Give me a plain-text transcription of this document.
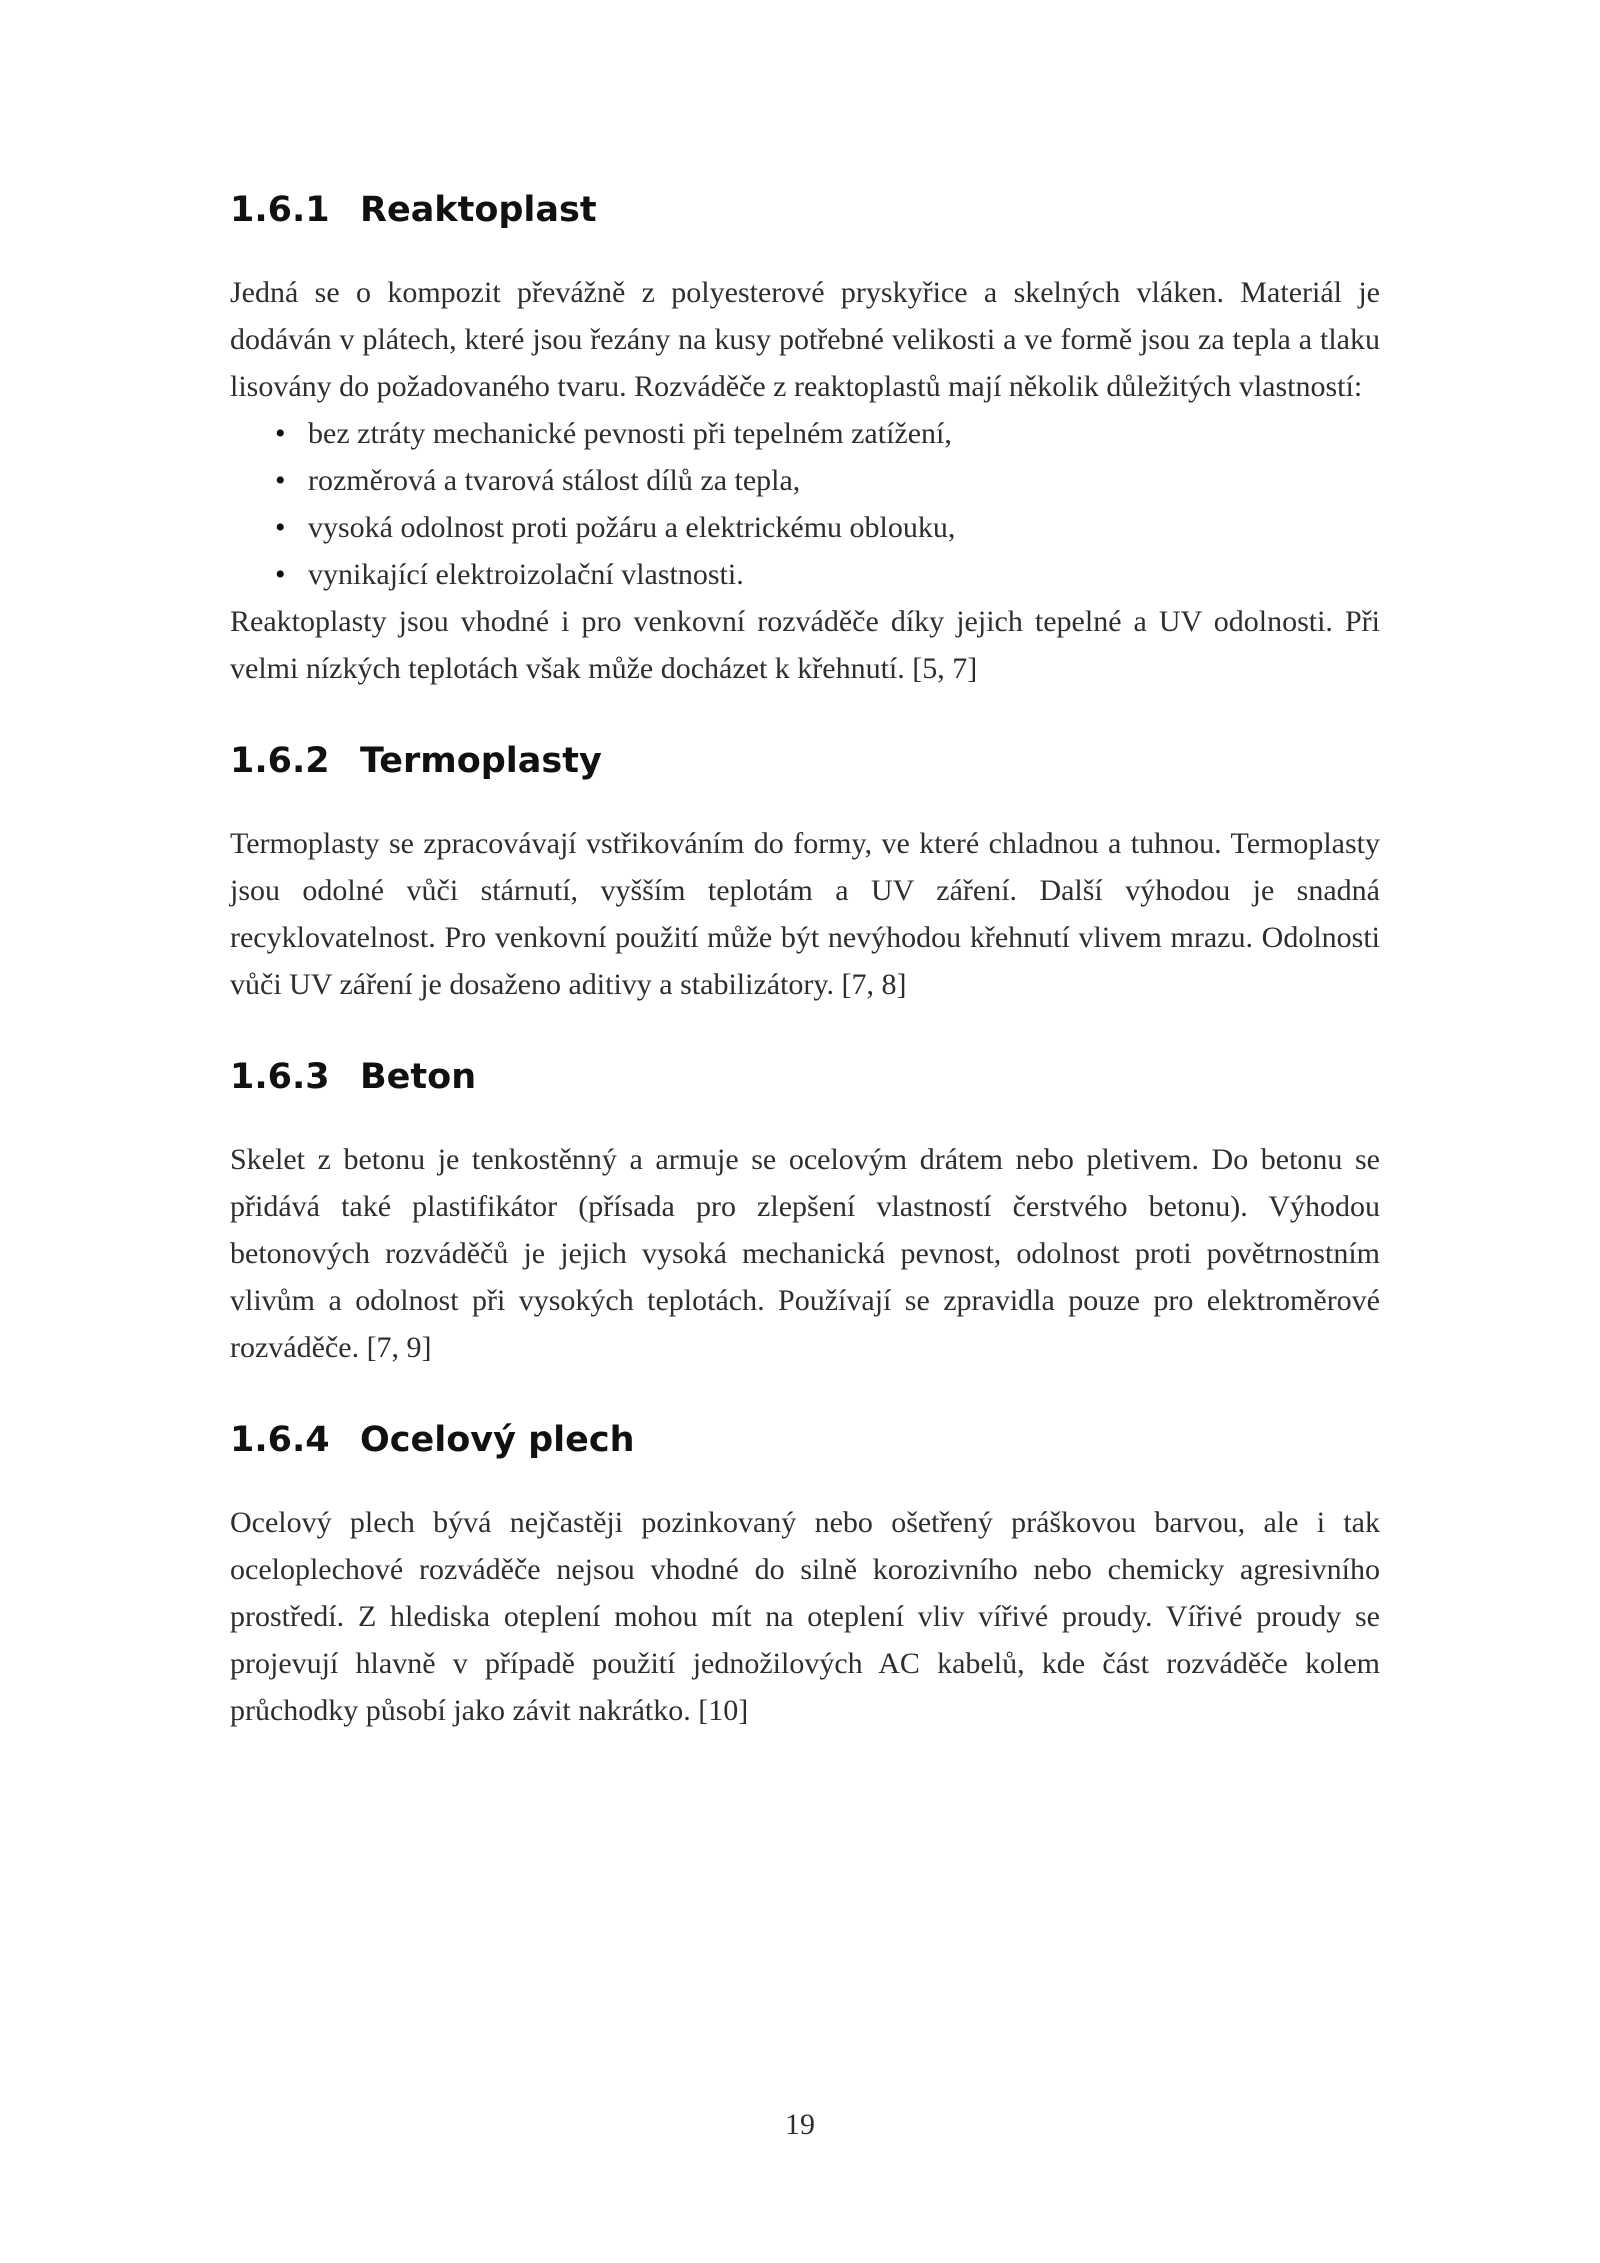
1.6.1 Reaktoplast

Jedná se o kompozit převážně z polyesterové pryskyřice a skelných vláken. Materiál je dodáván v plátech, které jsou řezány na kusy potřebné velikosti a ve formě jsou za tepla a tlaku lisovány do požadovaného tvaru. Rozváděče z reaktoplastů mají několik důležitých vlastností:

• bez ztráty mechanické pevnosti při tepelném zatížení,
• rozměrová a tvarová stálost dílů za tepla,
• vysoká odolnost proti požáru a elektrickému oblouku,
• vynikající elektroizolační vlastnosti.

Reaktoplasty jsou vhodné i pro venkovní rozváděče díky jejich tepelné a UV odolnosti. Při velmi nízkých teplotách však může docházet k křehnutí. [5, 7]

1.6.2 Termoplasty

Termoplasty se zpracovávají vstřikováním do formy, ve které chladnou a tuhnou. Termoplasty jsou odolné vůči stárnutí, vyšším teplotám a UV záření. Další výhodou je snadná recyklovatelnost. Pro venkovní použití může být nevýhodou křehnutí vlivem mrazu. Odolnosti vůči UV záření je dosaženo aditivy a stabilizátory. [7, 8]

1.6.3 Beton

Skelet z betonu je tenkostěnný a armuje se ocelovým drátem nebo pletivem. Do betonu se přidává také plastifikátor (přísada pro zlepšení vlastností čerstvého betonu). Výhodou betonových rozváděčů je jejich vysoká mechanická pevnost, odolnost proti povětrnostním vlivům a odolnost při vysokých teplotách. Používají se zpravidla pouze pro elektroměrové rozváděče. [7, 9]

1.6.4 Ocelový plech

Ocelový plech bývá nejčastěji pozinkovaný nebo ošetřený práškovou barvou, ale i tak oceloplechové rozváděče nejsou vhodné do silně korozivního nebo chemicky agresivního prostředí. Z hlediska oteplení mohou mít na oteplení vliv vířivé proudy. Vířivé proudy se projevují hlavně v případě použití jednožilových AC kabelů, kde část rozváděče kolem průchodky působí jako závit nakrátko. [10]

19
